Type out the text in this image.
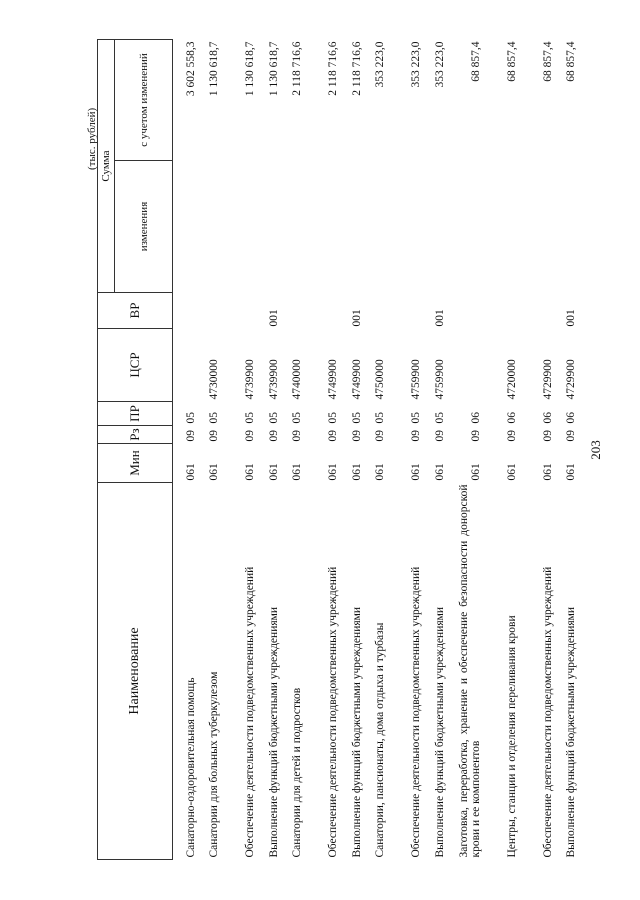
203
(тыс. рублей)
Наименование	Мин	Рз	ПР	ЦСР	ВР	Сумма	
						изменения	с учетом изменений
Санаторно-оздоровительная помощь	061	09	05				3 602 558,3
Санатории для больных туберкулезом	061	09	05	4730000			1 130 618,7
Обеспечение деятельности подведомственных учреждений	061	09	05	4739900			1 130 618,7
Выполнение функций бюджетными учреждениями	061	09	05	4739900	001		1 130 618,7
Санатории для детей и подростков	061	09	05	4740000			2 118 716,6
Обеспечение деятельности подведомственных учреждений	061	09	05	4749900			2 118 716,6
Выполнение функций бюджетными учреждениями	061	09	05	4749900	001		2 118 716,6
Санатории, пансионаты, дома отдыха и турбазы	061	09	05	4750000			353 223,0
Обеспечение деятельности подведомственных учреждений	061	09	05	4759900			353 223,0
Выполнение функций бюджетными учреждениями	061	09	05	4759900	001		353 223,0
Заготовка, переработка, хранение и обеспечение безопасности донорской крови и ее компонентов	061	09	06				68 857,4
Центры, станции и отделения переливания крови	061	09	06	4720000			68 857,4
Обеспечение деятельности подведомственных учреждений	061	09	06	4729900			68 857,4
Выполнение функций бюджетными учреждениями	061	09	06	4729900	001		68 857,4
